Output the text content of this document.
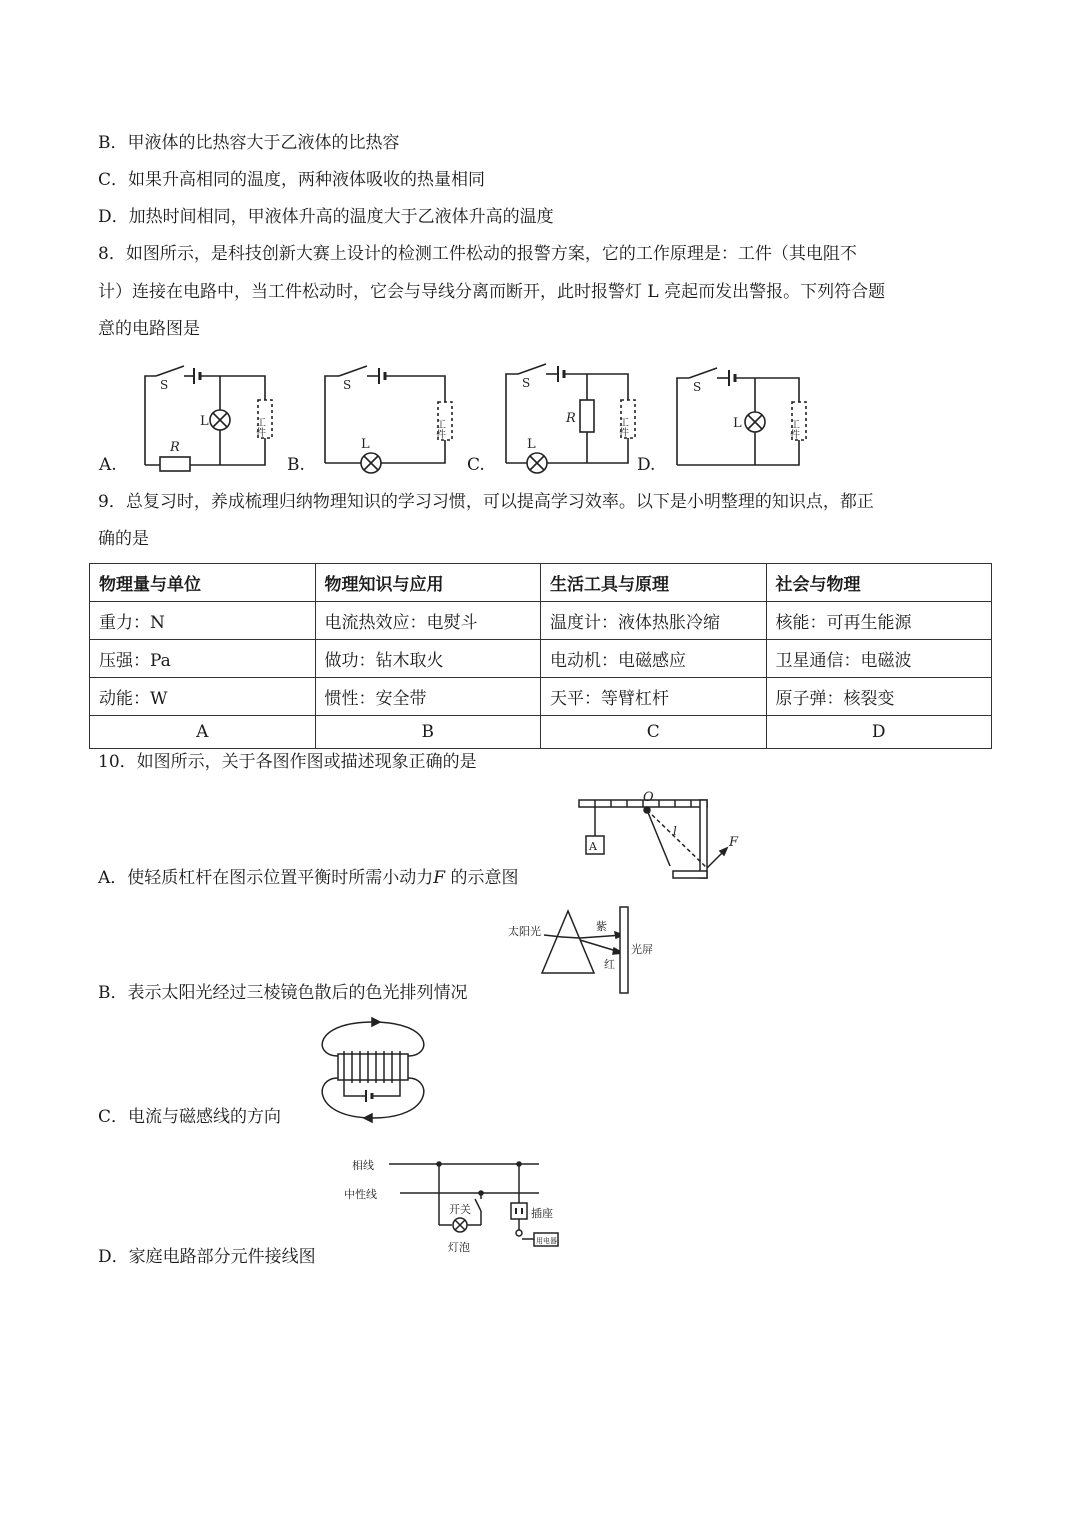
B．甲液体的比热容大于乙液体的比热容
C．如果升高相同的温度，两种液体吸收的热量相同
D．加热时间相同，甲液体升高的温度大于乙液体升高的温度
8．如图所示，是科技创新大赛上设计的检测工件松动的报警方案，它的工作原理是：工件（其电阻不
计）连接在电路中，当工件松动时，它会与导线分离而断开，此时报警灯 L 亮起而发出警报。下列符合题
意的电路图是
A.	B.	C.	D.
S
L
R
工件
S
L
工件
S
L
R	工件
S
L	工件
9．总复习时，养成梳理归纳物理知识的学习习惯，可以提高学习效率。以下是小明整理的知识点，都正
确的是
物理量与单位	物理知识与应用	生活工具与原理	社会与物理
重力：N	电流热效应：电熨斗	温度计：液体热胀冷缩	核能：可再生能源
压强：Pa	做功：钻木取火	电动机：电磁感应	卫星通信：电磁波
动能：W	惯性：安全带	天平：等臂杠杆	原子弹：核裂变
A	B	C	D
10．如图所示，关于各图作图或描述现象正确的是
O
l
F
A
A．使轻质杠杆在图示位置平衡时所需小动力F 的示意图
太阳光	紫
红
光屏
B．表示太阳光经过三棱镜色散后的色光排列情况
C．电流与磁感线的方向
相线
中性线
开关	插座
灯泡	用电器
D．家庭电路部分元件接线图
